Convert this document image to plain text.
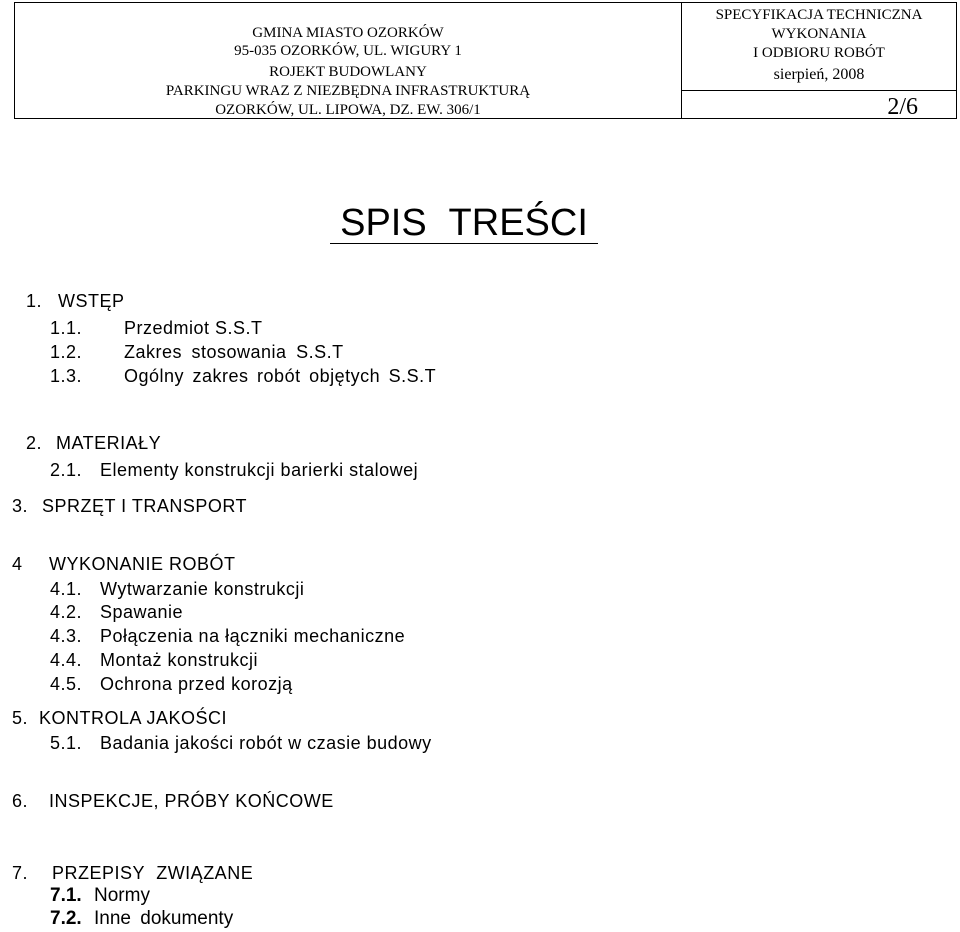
GMINA MIASTO OZORKÓW
95-035 OZORKÓW, UL. WIGURY 1
ROJEKT BUDOWLANY
PARKINGU WRAZ Z NIEZBĘDNA INFRASTRUKTURĄ
OZORKÓW, UL. LIPOWA, DZ. EW. 306/1
SPECYFIKACJA TECHNICZNA
WYKONANIA
I ODBIORU ROBÓT
sierpień, 2008
2/6
SPIS TREŚCI
1. WSTĘP
1.1. Przedmiot S.S.T
1.2. Zakres stosowania S.S.T
1.3. Ogólny zakres robót objętych S.S.T
2. MATERIAŁY
2.1. Elementy konstrukcji barierki stalowej
3. SPRZĘT I TRANSPORT
4 WYKONANIE ROBÓT
4.1. Wytwarzanie konstrukcji
4.2. Spawanie
4.3. Połączenia na łączniki mechaniczne
4.4. Montaż konstrukcji
4.5. Ochrona przed korozją
5. KONTROLA JAKOŚCI
5.1. Badania jakości robót w czasie budowy
6. INSPEKCJE, PRÓBY KOŃCOWE
7. PRZEPISY ZWIĄZANE
7.1. Normy
7.2. Inne dokumenty
